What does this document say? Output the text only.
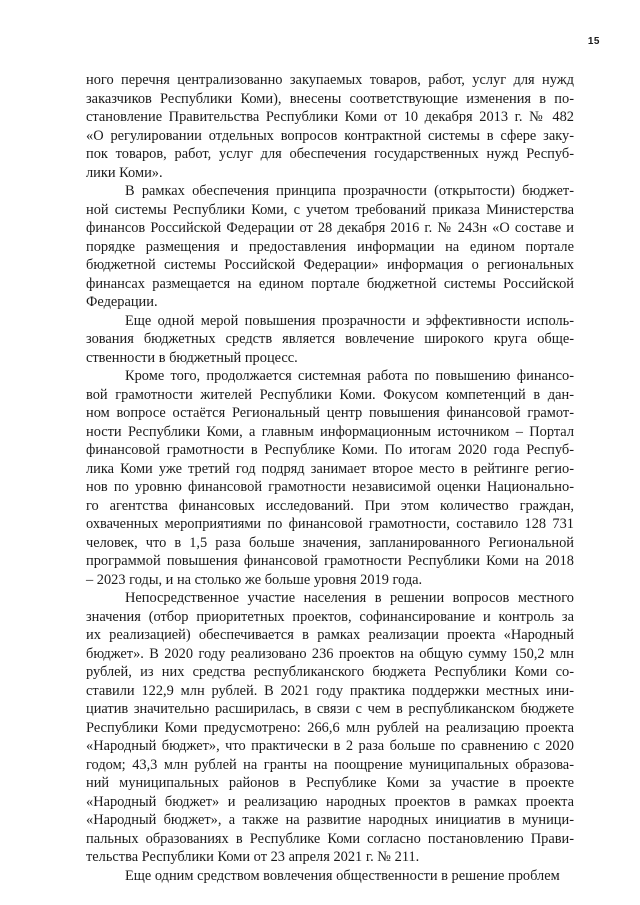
15
ного перечня централизованно закупаемых товаров, работ, услуг для нужд
заказчиков Республики Коми), внесены соответствующие изменения в по-
становление Правительства Республики Коми от 10 декабря 2013 г. № 482
«О регулировании отдельных вопросов контрактной системы в сфере заку-
пок товаров, работ, услуг для обеспечения государственных нужд Респуб-
лики Коми».
В рамках обеспечения принципа прозрачности (открытости) бюджет-
ной системы Республики Коми, с учетом требований приказа Министерства
финансов Российской Федерации от 28 декабря 2016 г. № 243н «О составе и
порядке размещения и предоставления информации на едином портале
бюджетной системы Российской Федерации» информация о региональных
финансах размещается на едином портале бюджетной системы Российской
Федерации.
Еще одной мерой повышения прозрачности и эффективности исполь-
зования бюджетных средств является вовлечение широкого круга обще-
ственности в бюджетный процесс.
Кроме того, продолжается системная работа по повышению финансо-
вой грамотности жителей Республики Коми. Фокусом компетенций в дан-
ном вопросе остаётся Региональный центр повышения финансовой грамот-
ности Республики Коми, а главным информационным источником – Портал
финансовой грамотности в Республике Коми. По итогам 2020 года Респуб-
лика Коми уже третий год подряд занимает второе место в рейтинге регио-
нов по уровню финансовой грамотности независимой оценки Национально-
го агентства финансовых исследований. При этом количество граждан,
охваченных мероприятиями по финансовой грамотности, составило 128 731
человек, что в 1,5 раза больше значения, запланированного Региональной
программой повышения финансовой грамотности Республики Коми на 2018
– 2023 годы, и на столько же больше уровня 2019 года.
Непосредственное участие населения в решении вопросов местного
значения (отбор приоритетных проектов, софинансирование и контроль за
их реализацией) обеспечивается в рамках реализации проекта «Народный
бюджет». В 2020 году реализовано 236 проектов на общую сумму 150,2 млн
рублей, из них средства республиканского бюджета Республики Коми со-
ставили 122,9 млн рублей. В 2021 году практика поддержки местных ини-
циатив значительно расширилась, в связи с чем в республиканском бюджете
Республики Коми предусмотрено: 266,6 млн рублей на реализацию проекта
«Народный бюджет», что практически в 2 раза больше по сравнению с 2020
годом; 43,3 млн рублей на гранты на поощрение муниципальных образова-
ний муниципальных районов в Республике Коми за участие в проекте
«Народный бюджет» и реализацию народных проектов в рамках проекта
«Народный бюджет», а также на развитие народных инициатив в муници-
пальных образованиях в Республике Коми согласно постановлению Прави-
тельства Республики Коми от 23 апреля 2021 г. № 211.
Еще одним средством вовлечения общественности в решение проблем
